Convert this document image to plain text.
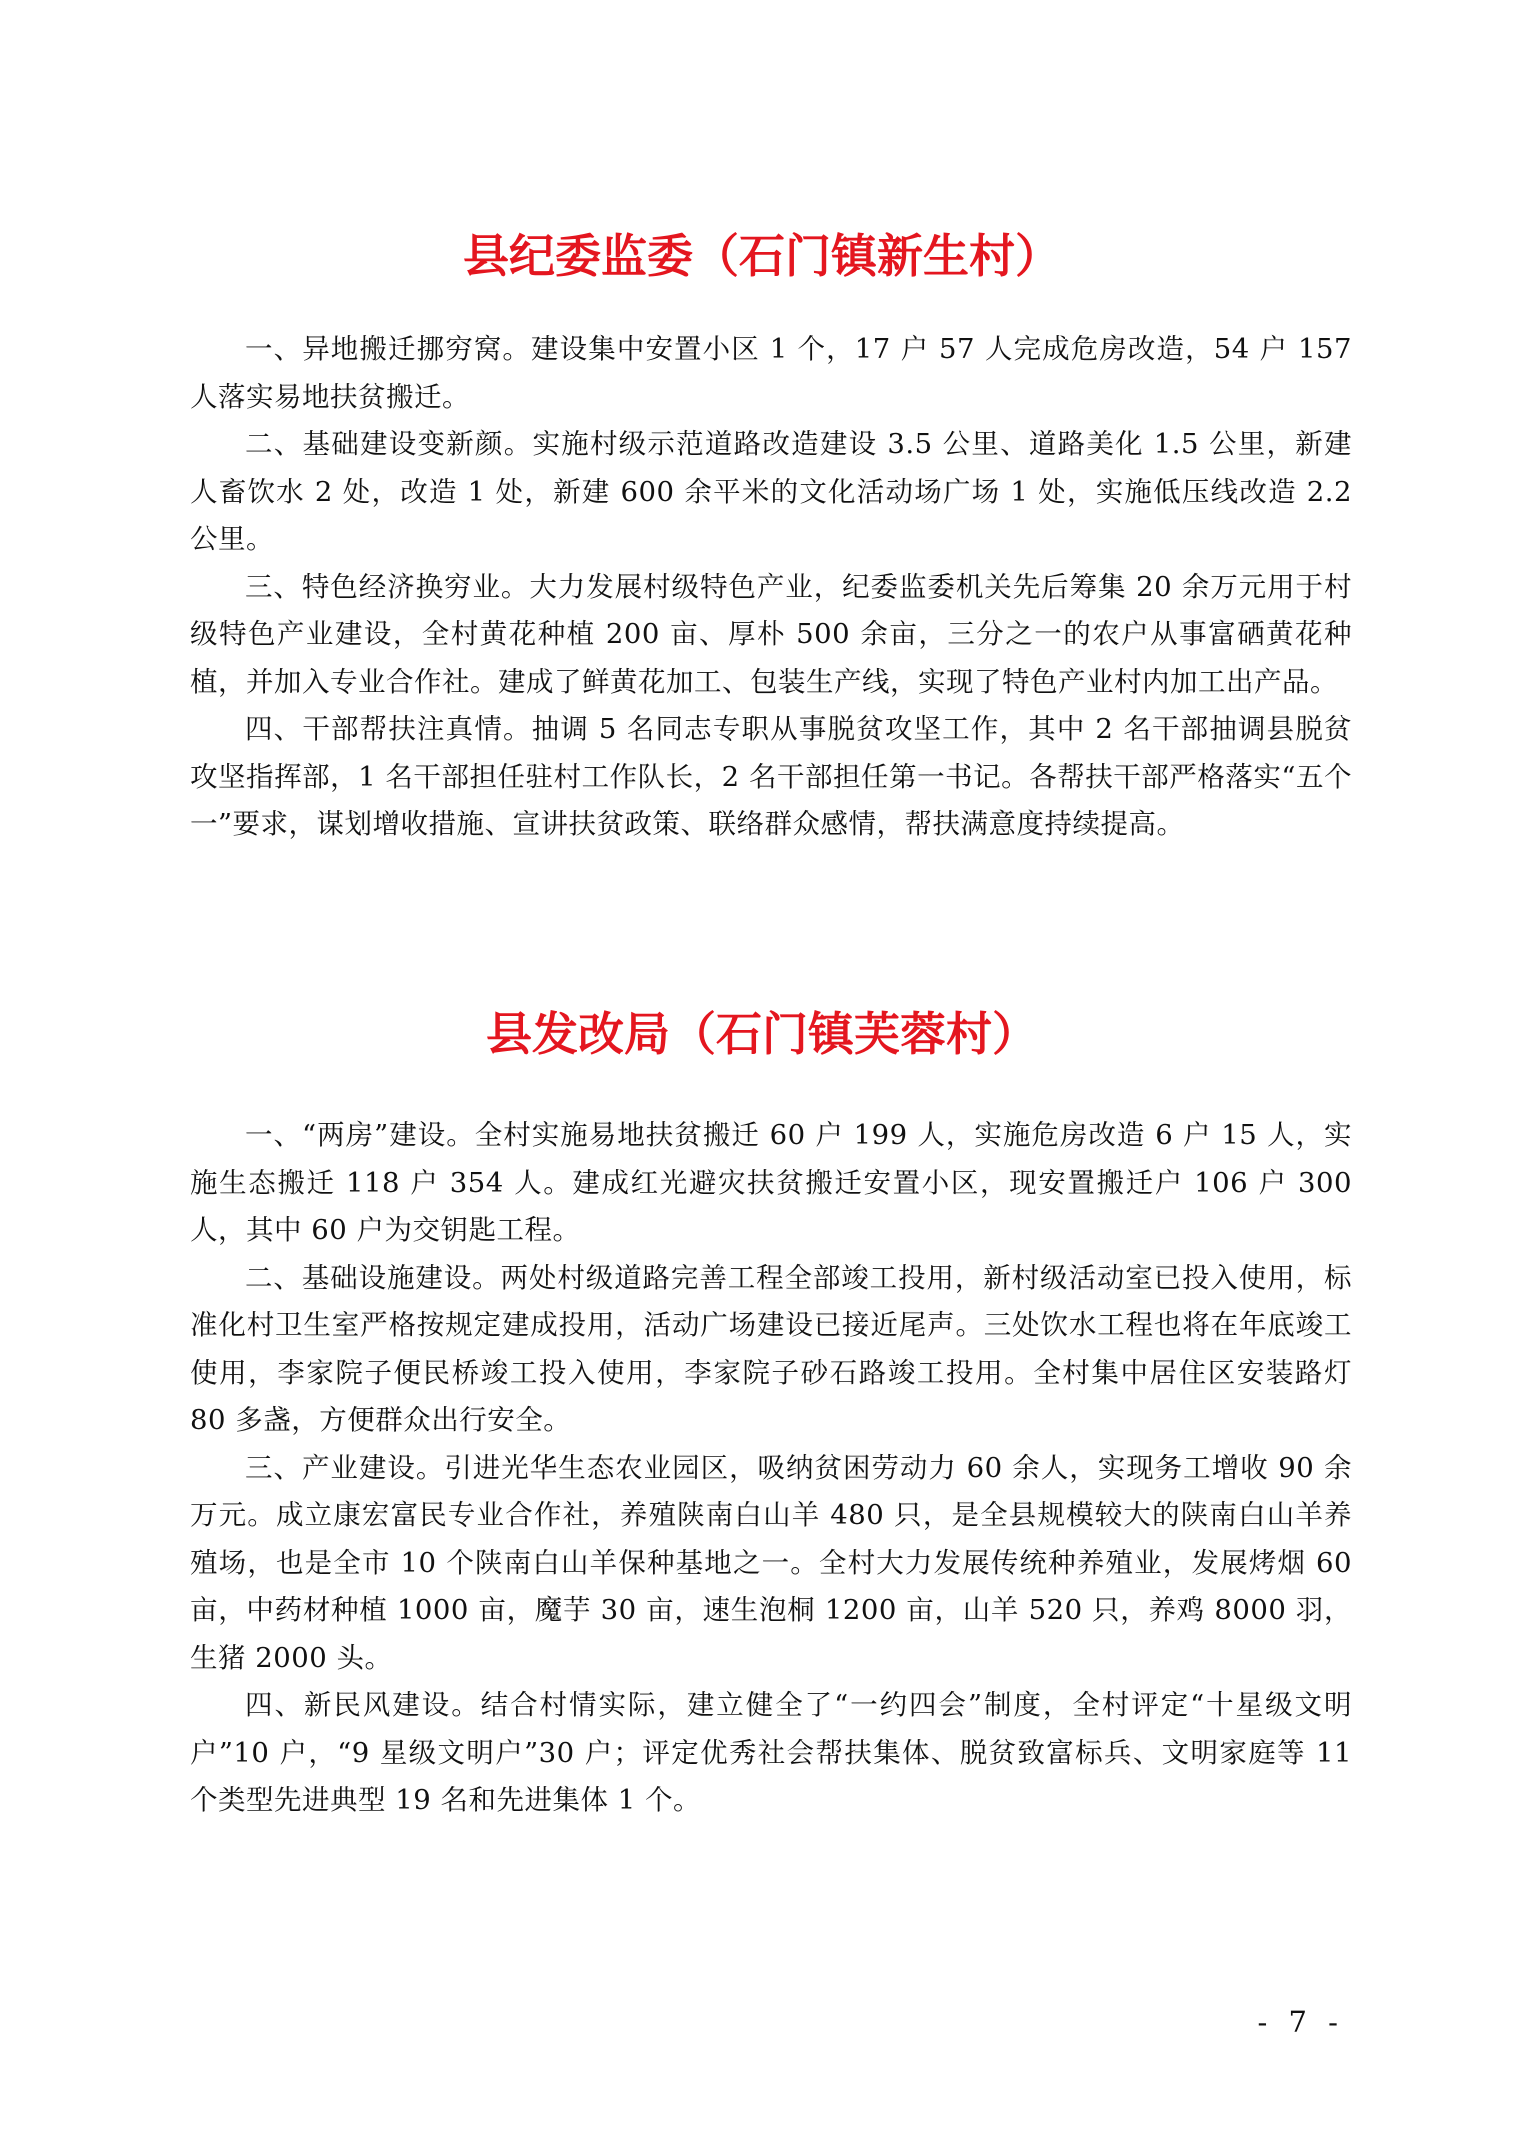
县纪委监委（石门镇新生村）

一、异地搬迁挪穷窝。建设集中安置小区 1 个，17 户 57 人完成危房改造，54 户 157 人落实易地扶贫搬迁。

二、基础建设变新颜。实施村级示范道路改造建设 3.5 公里、道路美化 1.5 公里，新建人畜饮水 2 处，改造 1 处，新建 600 余平米的文化活动场广场 1 处，实施低压线改造 2.2 公里。

三、特色经济换穷业。大力发展村级特色产业，纪委监委机关先后筹集 20 余万元用于村级特色产业建设，全村黄花种植 200 亩、厚朴 500 余亩，三分之一的农户从事富硒黄花种植，并加入专业合作社。建成了鲜黄花加工、包装生产线，实现了特色产业村内加工出产品。

四、干部帮扶注真情。抽调 5 名同志专职从事脱贫攻坚工作，其中 2 名干部抽调县脱贫攻坚指挥部，1 名干部担任驻村工作队长，2 名干部担任第一书记。各帮扶干部严格落实“五个一”要求，谋划增收措施、宣讲扶贫政策、联络群众感情，帮扶满意度持续提高。

县发改局（石门镇芙蓉村）

一、“两房”建设。全村实施易地扶贫搬迁 60 户 199 人，实施危房改造 6 户 15 人，实施生态搬迁 118 户 354 人。建成红光避灾扶贫搬迁安置小区，现安置搬迁户 106 户 300 人，其中 60 户为交钥匙工程。

二、基础设施建设。两处村级道路完善工程全部竣工投用，新村级活动室已投入使用，标准化村卫生室严格按规定建成投用，活动广场建设已接近尾声。三处饮水工程也将在年底竣工使用，李家院子便民桥竣工投入使用，李家院子砂石路竣工投用。全村集中居住区安装路灯 80 多盏，方便群众出行安全。

三、产业建设。引进光华生态农业园区，吸纳贫困劳动力 60 余人，实现务工增收 90 余万元。成立康宏富民专业合作社，养殖陕南白山羊 480 只，是全县规模较大的陕南白山羊养殖场，也是全市 10 个陕南白山羊保种基地之一。全村大力发展传统种养殖业，发展烤烟 60 亩，中药材种植 1000 亩，魔芋 30 亩，速生泡桐 1200 亩，山羊 520 只，养鸡 8000 羽，生猪 2000 头。

四、新民风建设。结合村情实际，建立健全了“一约四会”制度，全村评定“十星级文明户”10 户，“9 星级文明户”30 户；评定优秀社会帮扶集体、脱贫致富标兵、文明家庭等 11 个类型先进典型 19 名和先进集体 1 个。

- 7 -
